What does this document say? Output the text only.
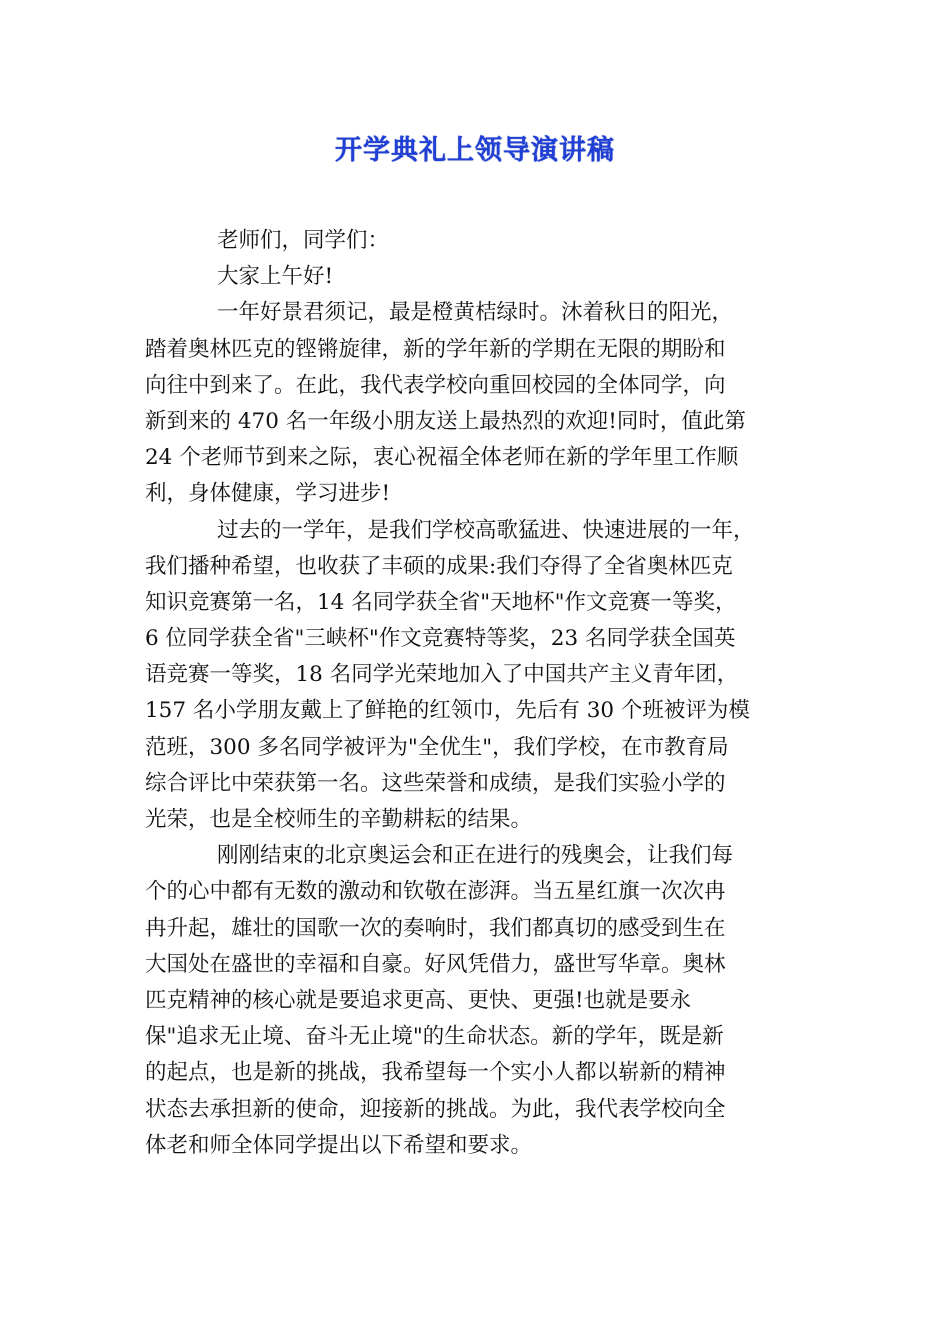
开学典礼上领导演讲稿
老师们，同学们：
大家上午好!
一年好景君须记，最是橙黄桔绿时。沐着秋日的阳光，
踏着奥林匹克的铿锵旋律，新的学年新的学期在无限的期盼和
向往中到来了。在此，我代表学校向重回校园的全体同学，向
新到来的 470 名一年级小朋友送上最热烈的欢迎!同时，值此第
24 个老师节到来之际，衷心祝福全体老师在新的学年里工作顺
利，身体健康，学习进步!
过去的一学年，是我们学校高歌猛进、快速进展的一年，
我们播种希望，也收获了丰硕的成果:我们夺得了全省奥林匹克
知识竞赛第一名，14 名同学获全省"天地杯"作文竞赛一等奖，
6 位同学获全省"三峡杯"作文竞赛特等奖，23 名同学获全国英
语竞赛一等奖，18 名同学光荣地加入了中国共产主义青年团，
157 名小学朋友戴上了鲜艳的红领巾，先后有 30 个班被评为模
范班，300 多名同学被评为"全优生"，我们学校，在市教育局
综合评比中荣获第一名。这些荣誉和成绩，是我们实验小学的
光荣，也是全校师生的辛勤耕耘的结果。
刚刚结束的北京奥运会和正在进行的残奥会，让我们每
个的心中都有无数的激动和钦敬在澎湃。当五星红旗一次次冉
冉升起，雄壮的国歌一次的奏响时，我们都真切的感受到生在
大国处在盛世的幸福和自豪。好风凭借力，盛世写华章。奥林
匹克精神的核心就是要追求更高、更快、更强!也就是要永
保"追求无止境、奋斗无止境"的生命状态。新的学年，既是新
的起点，也是新的挑战，我希望每一个实小人都以崭新的精神
状态去承担新的使命，迎接新的挑战。为此，我代表学校向全
体老和师全体同学提出以下希望和要求。
